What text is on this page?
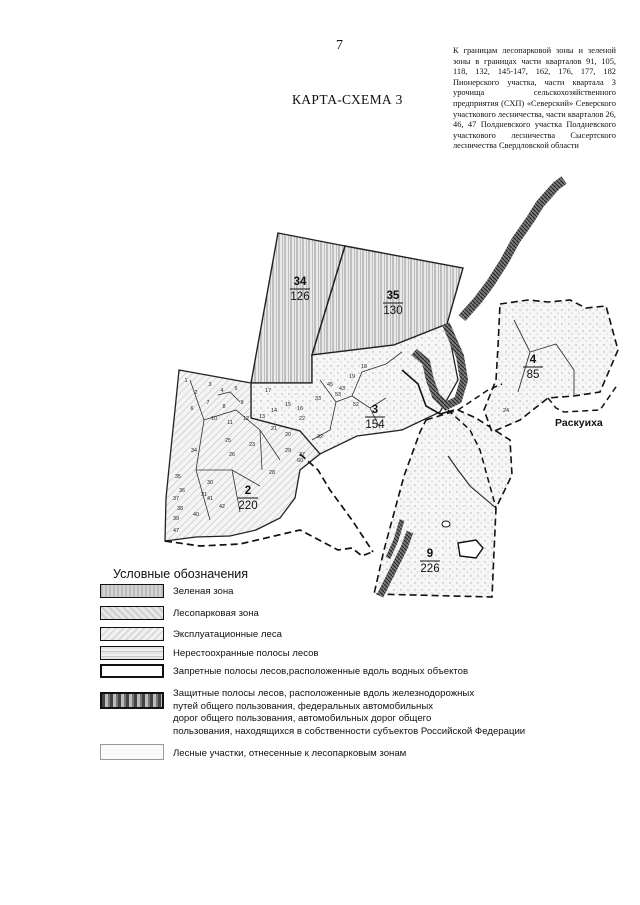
7
КАРТА-СХЕМА 3
К границам лесопарковой зоны и зеленой зоны в границах части кварталов 91, 105, 118, 132, 145-147, 162, 176, 177, 182 Пионерского участка, части квартала 3 урочища сельскохозяйственного предприятия (СХП) «Северский» Северского участкового лесничества, части кварталов 26, 46, 47 Полдневского участка Полдневского участкового лесничества Сысертского лесничества Свердловской области
34
126	35
130
3
154
2
220
4
85
9
226
Раскуиха
1
2
3
4 5
6
7
8
9
10
11
12 13
14
15
16
17
18
19
20
21
22
23
24
25
26	27
28
29
30
31
32
33
34
35
36
37
38
39
40
41
42
43
45
47
52
53
60
Условные обозначения
Зеленая зона
Лесопарковая зона
Эксплуатационные леса
Нерестоохранные полосы лесов
Запретные полосы лесов,расположенные вдоль водных объектов
Защитные полосы лесов, расположенные вдоль железнодорожных
путей общего пользования, федеральных автомобильных
дорог общего пользования, автомобильных дорог общего
пользования, находящихся в собственности субъектов Российской Федерации
Лесные участки, отнесенные к лесопарковым зонам
